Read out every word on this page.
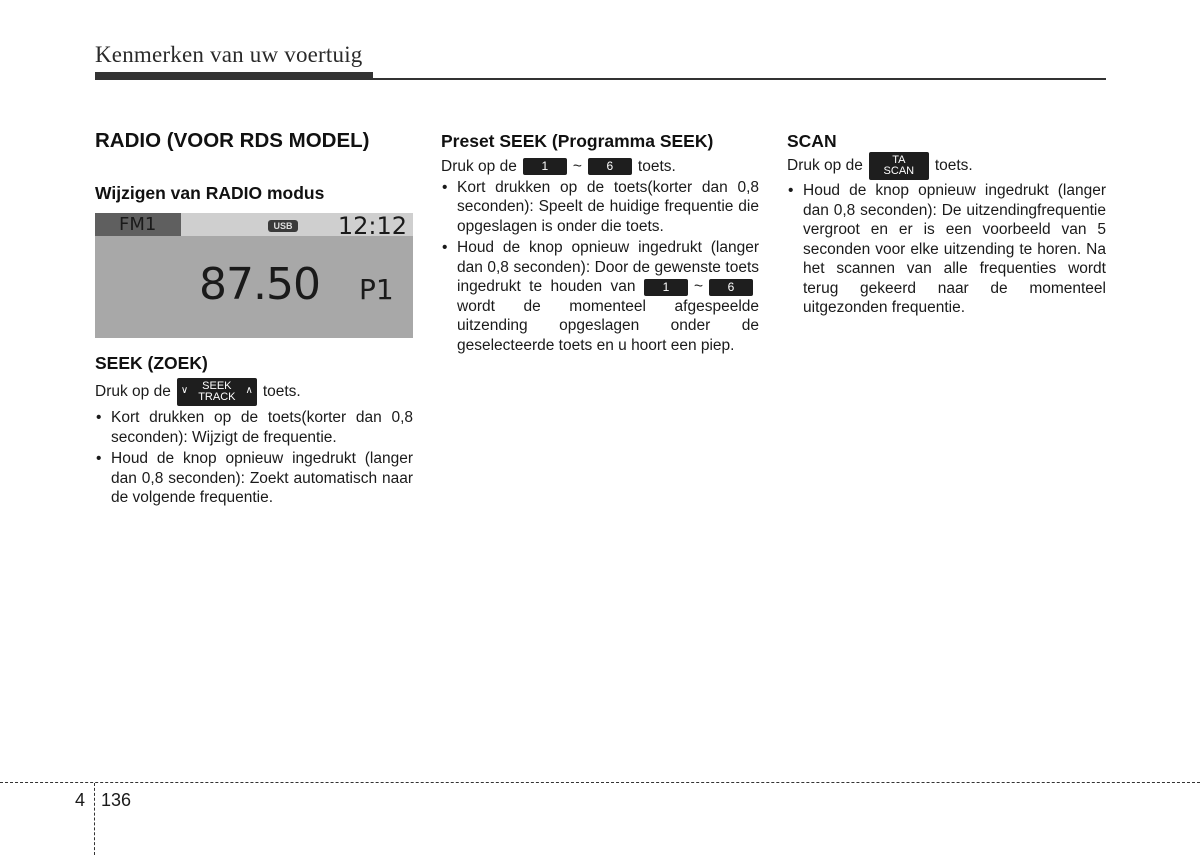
Kenmerken van uw voertuig
RADIO (VOOR RDS MODEL)
Wijzigen van RADIO modus
FM1	USB 12:12
87.50 P1
SEEK (ZOEK)
Druk op de ∨ SEEK
TRACK
∧ toets.
• Kort drukken op de toets(korter dan 0,8 seconden): Wijzigt de frequentie.
• Houd de knop opnieuw ingedrukt (langer dan 0,8 seconden): Zoekt automatisch naar de volgende frequentie.
Preset SEEK (Programma SEEK)
Druk op de	1	~	6	toets.
• Kort drukken op de toets(korter dan 0,8 seconden): Speelt de huidige frequentie die opgeslagen is onder die toets.
• Houd de knop opnieuw ingedrukt (langer dan 0,8 seconden): Door de gewenste toets ingedrukt te houden van 1 ~ 6 wordt de momenteel afgespeelde uitzending opgeslagen onder de geselecteerde toets en u hoort een piep.
SCAN
Druk op de	TA
SCAN toets.
• Houd de knop opnieuw ingedrukt (langer dan 0,8 seconden): De uitzendingfrequentie vergroot en er is een voorbeeld van 5 seconden voor elke uitzending te horen. Na het scannen van alle frequenties wordt terug gekeerd naar de momenteel uitgezonden frequentie.
4 136
